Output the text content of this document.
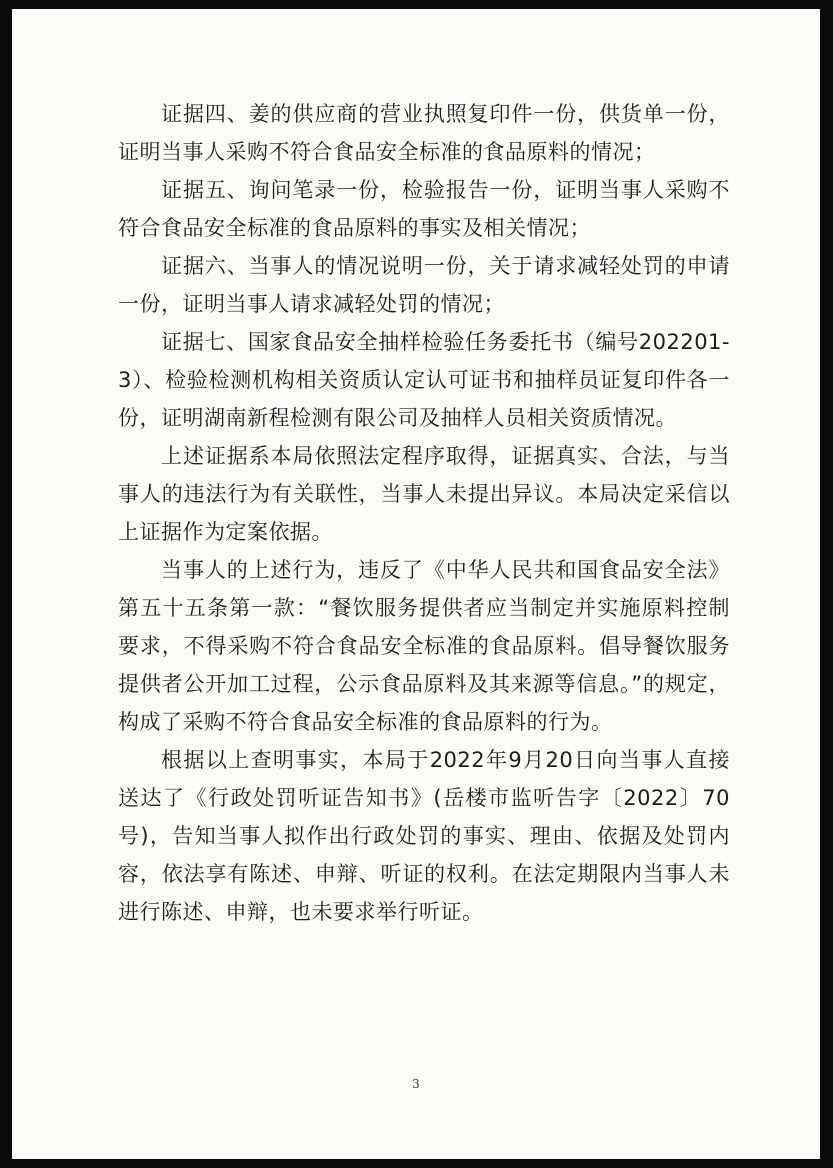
证据四、姜的供应商的营业执照复印件一份，供货单一份，证明当事人采购不符合食品安全标准的食品原料的情况；

证据五、询问笔录一份，检验报告一份，证明当事人采购不符合食品安全标准的食品原料的事实及相关情况；

证据六、当事人的情况说明一份，关于请求减轻处罚的申请一份，证明当事人请求减轻处罚的情况；

证据七、国家食品安全抽样检验任务委托书（编号202201-3）、检验检测机构相关资质认定认可证书和抽样员证复印件各一份，证明湖南新程检测有限公司及抽样人员相关资质情况。

上述证据系本局依照法定程序取得，证据真实、合法，与当事人的违法行为有关联性，当事人未提出异议。本局决定采信以上证据作为定案依据。

当事人的上述行为，违反了《中华人民共和国食品安全法》第五十五条第一款：“餐饮服务提供者应当制定并实施原料控制要求，不得采购不符合食品安全标准的食品原料。倡导餐饮服务提供者公开加工过程，公示食品原料及其来源等信息。”的规定，构成了采购不符合食品安全标准的食品原料的行为。

根据以上查明事实，本局于2022年9月20日向当事人直接送达了《行政处罚听证告知书》(岳楼市监听告字〔2022〕70号)，告知当事人拟作出行政处罚的事实、理由、依据及处罚内容，依法享有陈述、申辩、听证的权利。在法定期限内当事人未进行陈述、申辩，也未要求举行听证。

3
